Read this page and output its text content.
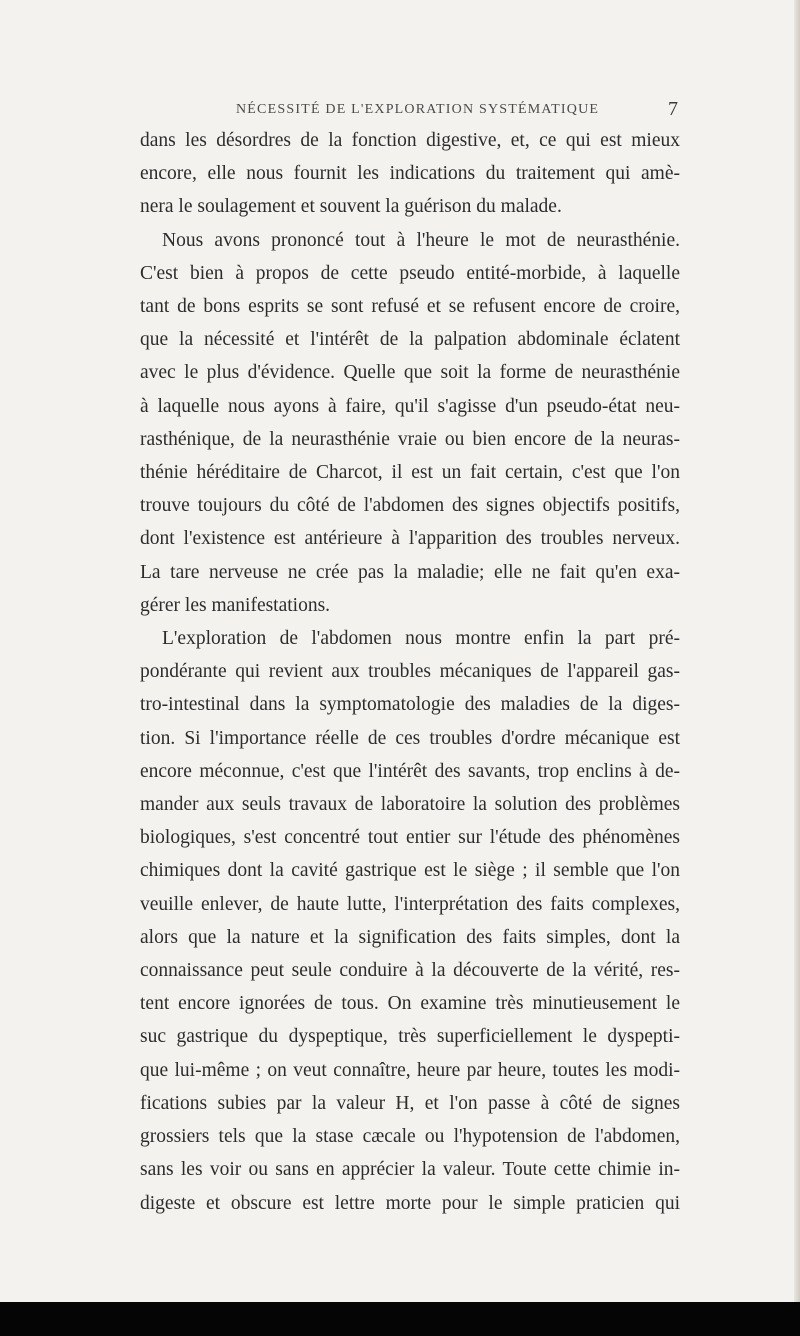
NÉCESSITÉ DE L'EXPLORATION SYSTÉMATIQUE	7

dans les désordres de la fonction digestive, et, ce qui est mieux

encore, elle nous fournit les indications du traitement qui amè-

nera le soulagement et souvent la guérison du malade.

Nous avons prononcé tout à l'heure le mot de neurasthénie.

C'est bien à propos de cette pseudo entité-morbide, à laquelle

tant de bons esprits se sont refusé et se refusent encore de croire,

que la nécessité et l'intérêt de la palpation abdominale éclatent

avec le plus d'évidence. Quelle que soit la forme de neurasthénie

à laquelle nous ayons à faire, qu'il s'agisse d'un pseudo-état neu-

rasthénique, de la neurasthénie vraie ou bien encore de la neuras-

thénie héréditaire de Charcot, il est un fait certain, c'est que l'on

trouve toujours du côté de l'abdomen des signes objectifs positifs,

dont l'existence est antérieure à l'apparition des troubles nerveux.

La tare nerveuse ne crée pas la maladie; elle ne fait qu'en exa-

gérer les manifestations.

L'exploration de l'abdomen nous montre enfin la part pré-

pondérante qui revient aux troubles mécaniques de l'appareil gas-

tro-intestinal dans la symptomatologie des maladies de la diges-

tion. Si l'importance réelle de ces troubles d'ordre mécanique est

encore méconnue, c'est que l'intérêt des savants, trop enclins à de-

mander aux seuls travaux de laboratoire la solution des problèmes

biologiques, s'est concentré tout entier sur l'étude des phénomènes

chimiques dont la cavité gastrique est le siège ; il semble que l'on

veuille enlever, de haute lutte, l'interprétation des faits complexes,

alors que la nature et la signification des faits simples, dont la

connaissance peut seule conduire à la découverte de la vérité, res-

tent encore ignorées de tous. On examine très minutieusement le

suc gastrique du dyspeptique, très superficiellement le dyspepti-

que lui-même ; on veut connaître, heure par heure, toutes les modi-

fications subies par la valeur H, et l'on passe à côté de signes

grossiers tels que la stase cæcale ou l'hypotension de l'abdomen,

sans les voir ou sans en apprécier la valeur. Toute cette chimie in-

digeste et obscure est lettre morte pour le simple praticien qui
